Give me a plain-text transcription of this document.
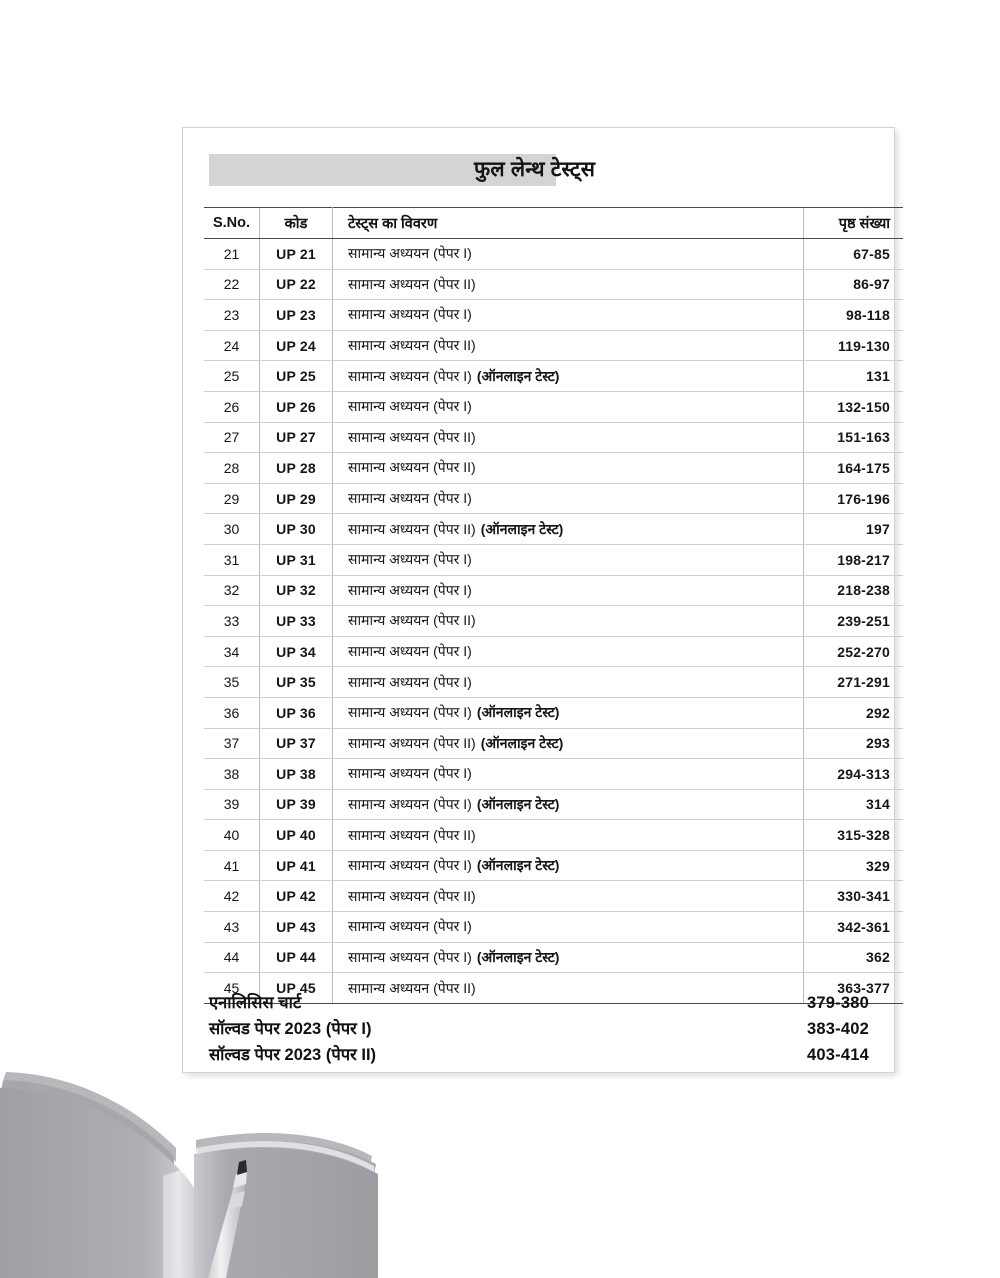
फुल लेन्थ टेस्ट्स
S.No.	कोड	टेस्ट्स का विवरण	पृष्ठ संख्या
21	UP 21	सामान्य अध्ययन (पेपर I)	67-85
22	UP 22	सामान्य अध्ययन (पेपर II)	86-97
23	UP 23	सामान्य अध्ययन (पेपर I)	98-118
24	UP 24	सामान्य अध्ययन (पेपर II)	119-130
25	UP 25	सामान्य अध्ययन (पेपर I) (ऑनलाइन टेस्ट)	131
26	UP 26	सामान्य अध्ययन (पेपर I)	132-150
27	UP 27	सामान्य अध्ययन (पेपर II)	151-163
28	UP 28	सामान्य अध्ययन (पेपर II)	164-175
29	UP 29	सामान्य अध्ययन (पेपर I)	176-196
30	UP 30	सामान्य अध्ययन (पेपर II) (ऑनलाइन टेस्ट)	197
31	UP 31	सामान्य अध्ययन (पेपर I)	198-217
32	UP 32	सामान्य अध्ययन (पेपर I)	218-238
33	UP 33	सामान्य अध्ययन (पेपर II)	239-251
34	UP 34	सामान्य अध्ययन (पेपर I)	252-270
35	UP 35	सामान्य अध्ययन (पेपर I)	271-291
36	UP 36	सामान्य अध्ययन (पेपर I) (ऑनलाइन टेस्ट)	292
37	UP 37	सामान्य अध्ययन (पेपर II) (ऑनलाइन टेस्ट)	293
38	UP 38	सामान्य अध्ययन (पेपर I)	294-313
39	UP 39	सामान्य अध्ययन (पेपर I) (ऑनलाइन टेस्ट)	314
40	UP 40	सामान्य अध्ययन (पेपर II)	315-328
41	UP 41	सामान्य अध्ययन (पेपर I) (ऑनलाइन टेस्ट)	329
42	UP 42	सामान्य अध्ययन (पेपर II)	330-341
43	UP 43	सामान्य अध्ययन (पेपर I)	342-361
44	UP 44	सामान्य अध्ययन (पेपर I) (ऑनलाइन टेस्ट)	362
45	UP 45	सामान्य अध्ययन (पेपर II)	363-377
एनालिसिस चार्ट	379-380
सॉल्वड पेपर 2023 (पेपर I)	383-402
सॉल्वड पेपर 2023 (पेपर II)	403-414
